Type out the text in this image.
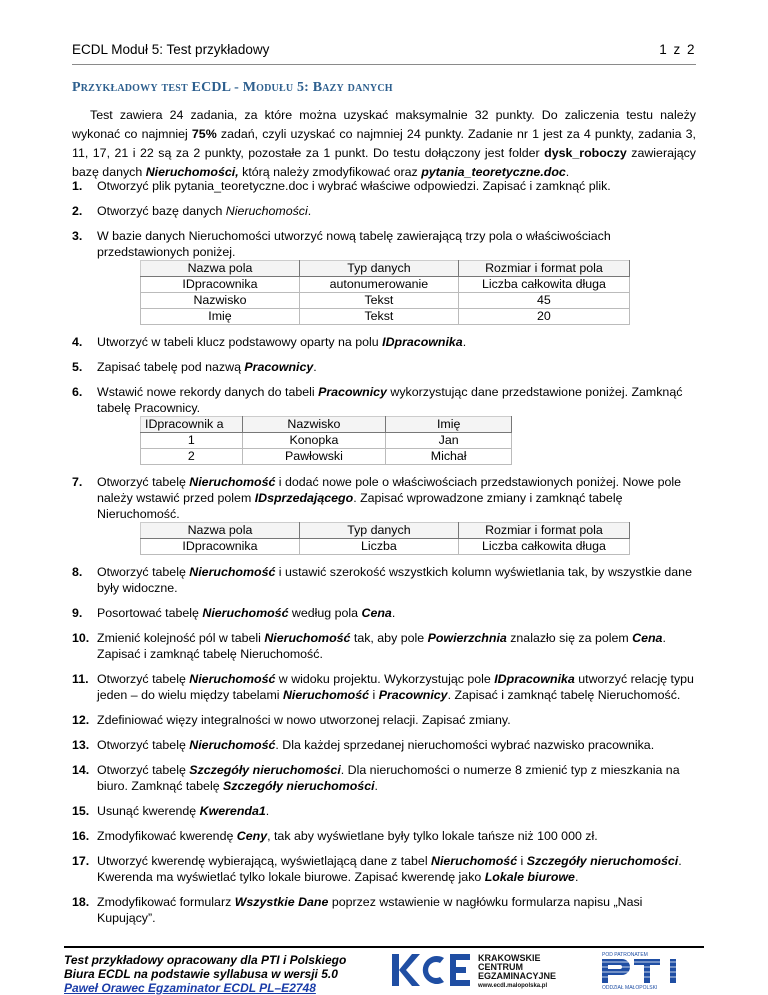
ECDL Moduł 5: Test przykładowy	1 z 2
Przykładowy test ECDL - Modułu 5: Bazy danych

Test zawiera 24 zadania, za które można uzyskać maksymalnie 32 punkty. Do zaliczenia testu należy wykonać co najmniej 75% zadań, czyli uzyskać co najmniej 24 punkty. Zadanie nr 1 jest za 4 punkty, zadania 3, 11, 17, 21 i 22 są za 2 punkty, pozostałe za 1 punkt. Do testu dołączony jest folder dysk_roboczy zawierający bazę danych Nieruchomości, którą należy zmodyfikować oraz pytania_teoretyczne.doc.

1. Otworzyć plik pytania_teoretyczne.doc i wybrać właściwe odpowiedzi. Zapisać i zamknąć plik.
2. Otworzyć bazę danych Nieruchomości.
3. W bazie danych Nieruchomości utworzyć nową tabelę zawierającą trzy pola o właściwościach przedstawionych poniżej.
Nazwa pola	Typ danych	Rozmiar i format pola
IDpracownika	autonumerowanie	Liczba całkowita długa
Nazwisko	Tekst	45
Imię	Tekst	20
4. Utworzyć w tabeli klucz podstawowy oparty na polu IDpracownika.
5. Zapisać tabelę pod nazwą Pracownicy.
6. Wstawić nowe rekordy danych do tabeli Pracownicy wykorzystując dane przedstawione poniżej. Zamknąć tabelę Pracownicy.
IDpracownik a	Nazwisko	Imię
1	Konopka	Jan
2	Pawłowski	Michał
7. Otworzyć tabelę Nieruchomość i dodać nowe pole o właściwościach przedstawionych poniżej. Nowe pole należy wstawić przed polem IDsprzedającego. Zapisać wprowadzone zmiany i zamknąć tabelę Nieruchomość.
Nazwa pola	Typ danych	Rozmiar i format pola
IDpracownika	Liczba	Liczba całkowita długa
8. Otworzyć tabelę Nieruchomość i ustawić szerokość wszystkich kolumn wyświetlania tak, by wszystkie dane były widoczne.
9. Posortować tabelę Nieruchomość według pola Cena.
10. Zmienić kolejność pól w tabeli Nieruchomość tak, aby pole Powierzchnia znalazło się za polem Cena. Zapisać i zamknąć tabelę Nieruchomość.
11. Otworzyć tabelę Nieruchomość w widoku projektu. Wykorzystując pole IDpracownika utworzyć relację typu jeden – do wielu między tabelami Nieruchomość i Pracownicy. Zapisać i zamknąć tabelę Nieruchomość.
12. Zdefiniować więzy integralności w nowo utworzonej relacji. Zapisać zmiany.
13. Otworzyć tabelę Nieruchomość. Dla każdej sprzedanej nieruchomości wybrać nazwisko pracownika.
14. Otworzyć tabelę Szczegóły nieruchomości. Dla nieruchomości o numerze 8 zmienić typ z mieszkania na biuro. Zamknąć tabelę Szczegóły nieruchomości.
15. Usunąć kwerendę Kwerenda1.
16. Zmodyfikować kwerendę Ceny, tak aby wyświetlane były tylko lokale tańsze niż 100 000 zł.
17. Utworzyć kwerendę wybierającą, wyświetlającą dane z tabel Nieruchomość i Szczegóły nieruchomości. Kwerenda ma wyświetlać tylko lokale biurowe. Zapisać kwerendę jako Lokale biurowe.
18. Zmodyfikować formularz Wszystkie Dane poprzez wstawienie w nagłówku formularza napisu „Nasi Kupujący”.
Test przykładowy opracowany dla PTI i Polskiego
Biura ECDL na podstawie syllabusa w wersji 5.0
Paweł Orawec Egzaminator ECDL PL–E2748
KRAKOWSKIE
CENTRUM
EGZAMINACYJNE
www.ecdl.malopolska.pl
POD PATRONATEM
ODDZIAŁ MAŁOPOLSKI
